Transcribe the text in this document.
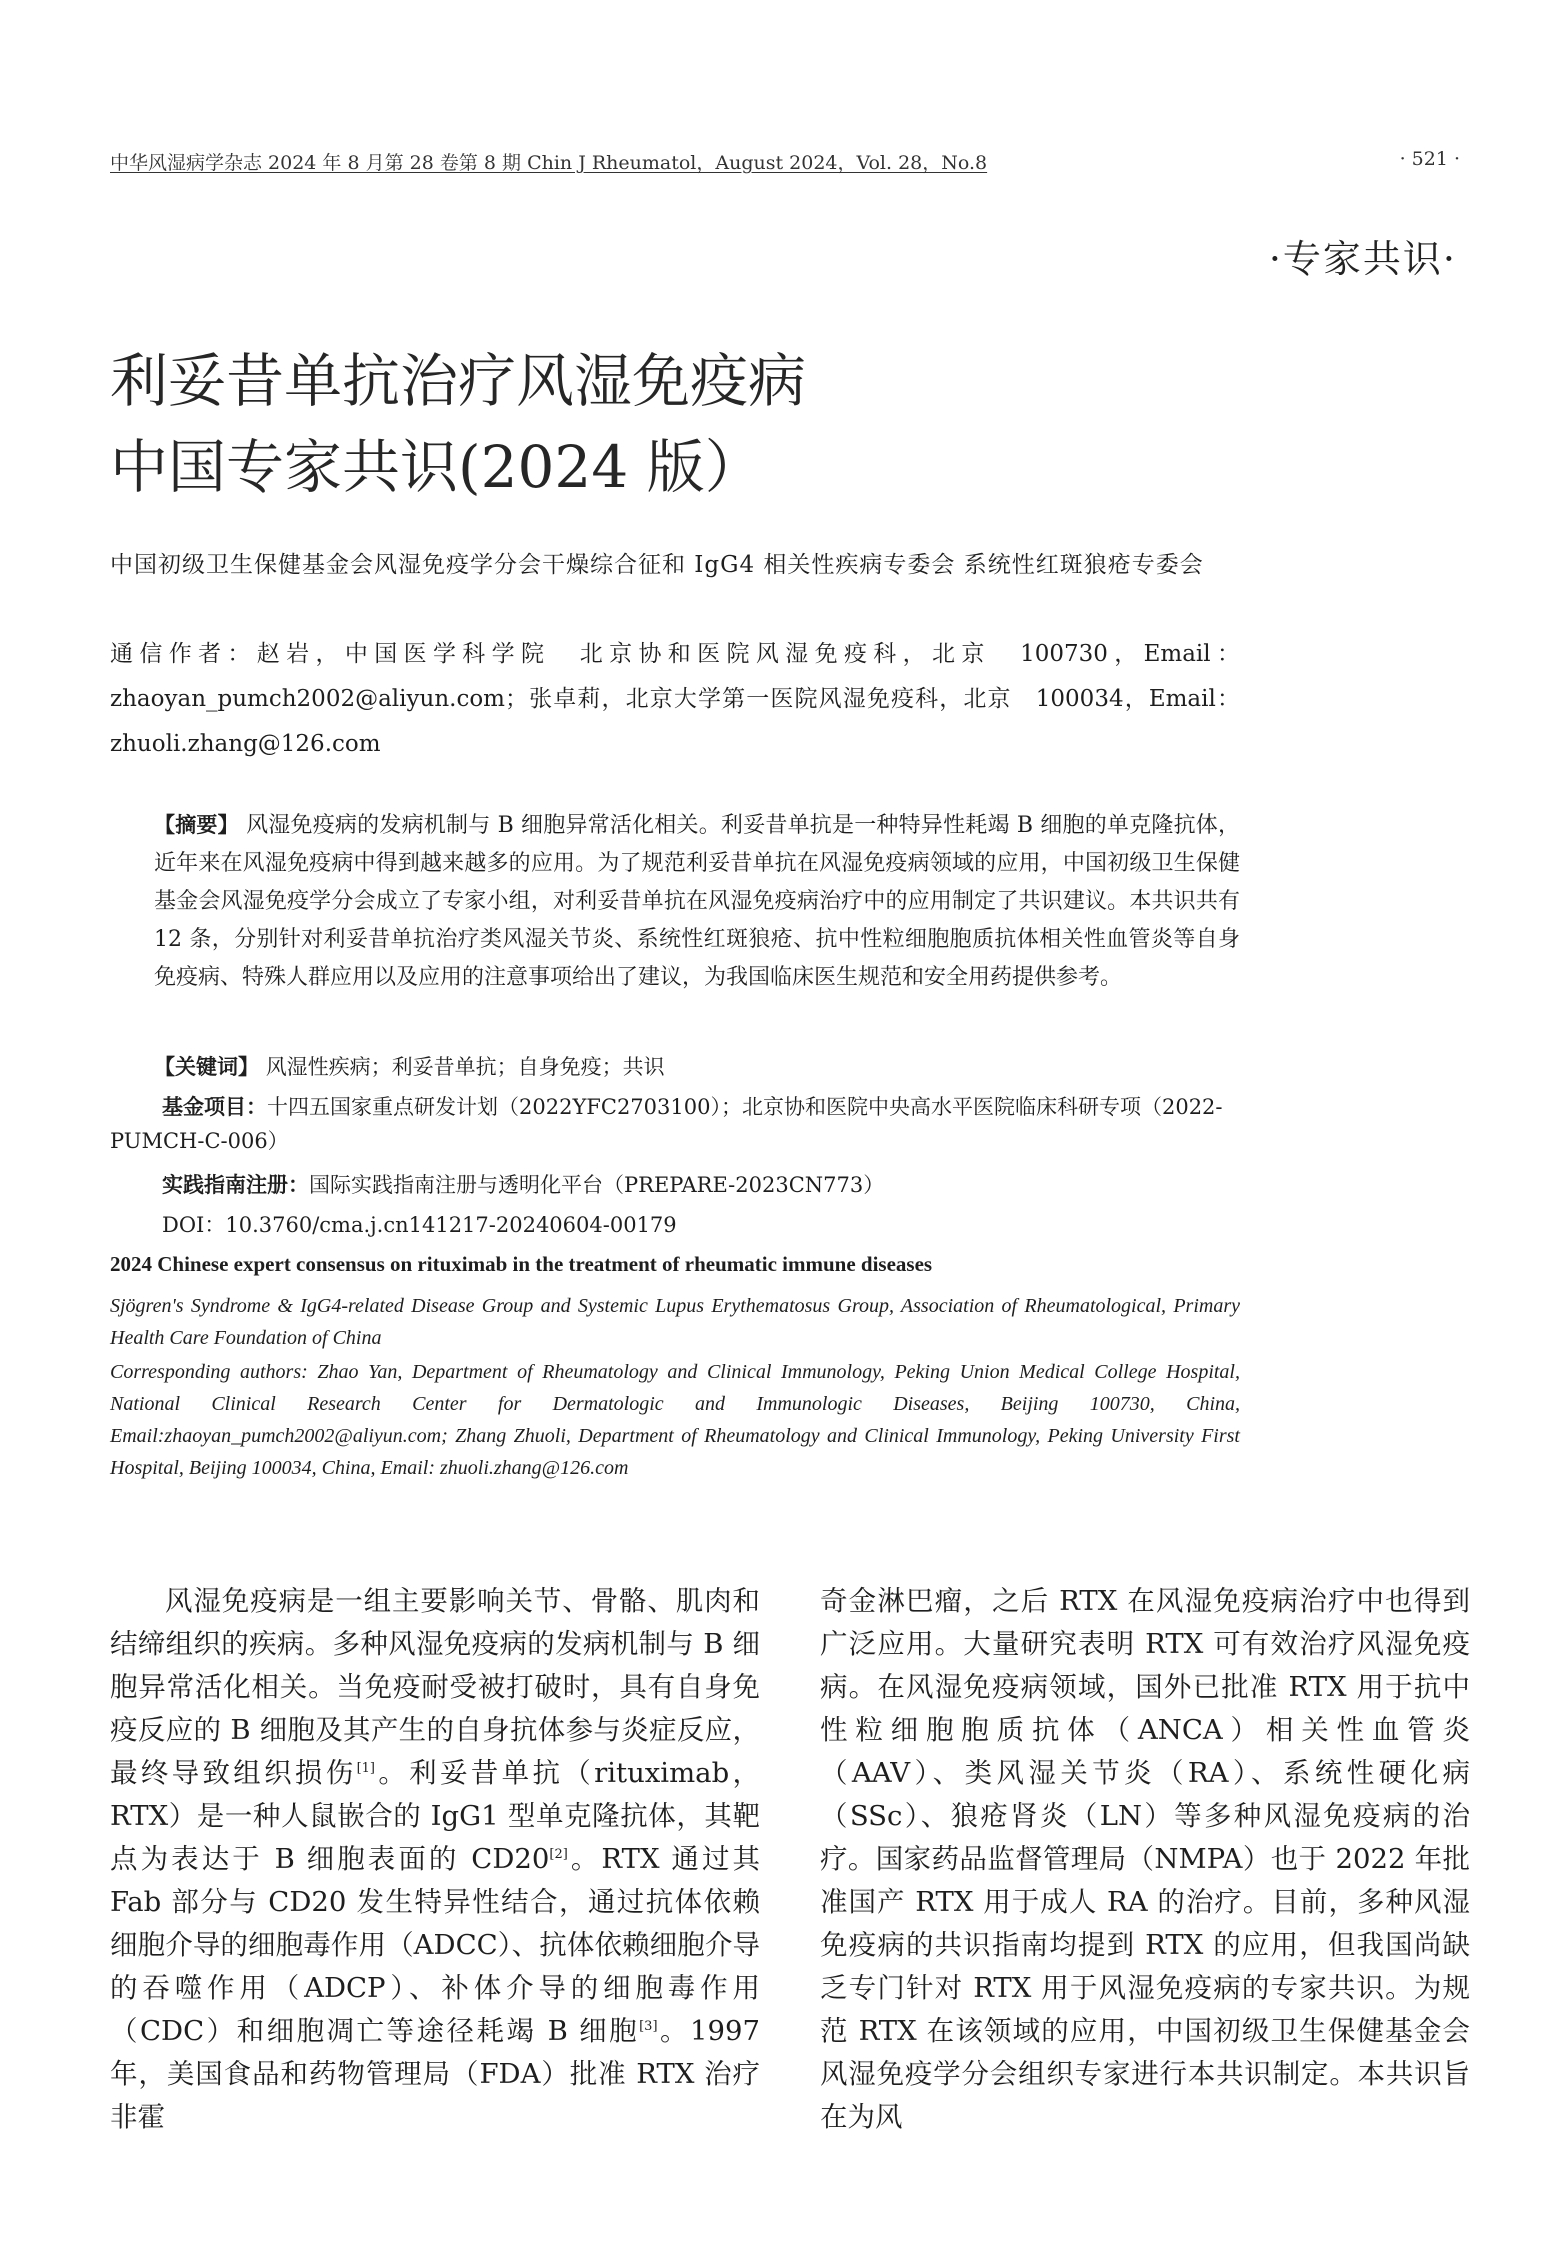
中华风湿病学杂志 2024 年 8 月第 28 卷第 8 期 Chin J Rheumatol，August 2024，Vol. 28，No.8	· 521 ·
·专家共识·
利妥昔单抗治疗风湿免疫病
中国专家共识(2024 版）
中国初级卫生保健基金会风湿免疫学分会干燥综合征和 IgG4 相关性疾病专委会 系统性红斑狼疮专委会
通信作者：赵岩，中国医学科学院　北京协和医院风湿免疫科，北京　100730，Email：zhaoyan_pumch2002@aliyun.com；张卓莉，北京大学第一医院风湿免疫科，北京　100034，Email：zhuoli.zhang@126.com
【摘要】 风湿免疫病的发病机制与 B 细胞异常活化相关。利妥昔单抗是一种特异性耗竭 B 细胞的单克隆抗体，近年来在风湿免疫病中得到越来越多的应用。为了规范利妥昔单抗在风湿免疫病领域的应用，中国初级卫生保健基金会风湿免疫学分会成立了专家小组，对利妥昔单抗在风湿免疫病治疗中的应用制定了共识建议。本共识共有 12 条，分别针对利妥昔单抗治疗类风湿关节炎、系统性红斑狼疮、抗中性粒细胞胞质抗体相关性血管炎等自身免疫病、特殊人群应用以及应用的注意事项给出了建议，为我国临床医生规范和安全用药提供参考。
【关键词】 风湿性疾病；利妥昔单抗；自身免疫；共识
基金项目：十四五国家重点研发计划（2022YFC2703100）；北京协和医院中央高水平医院临床科研专项（2022-PUMCH-C-006）
实践指南注册：国际实践指南注册与透明化平台（PREPARE-2023CN773）
DOI：10.3760/cma.j.cn141217-20240604-00179
2024 Chinese expert consensus on rituximab in the treatment of rheumatic immune diseases
Sjögren's Syndrome & IgG4-related Disease Group and Systemic Lupus Erythematosus Group, Association of Rheumatological, Primary Health Care Foundation of China
Corresponding authors: Zhao Yan, Department of Rheumatology and Clinical Immunology, Peking Union Medical College Hospital, National Clinical Research Center for Dermatologic and Immunologic Diseases, Beijing 100730, China, Email:zhaoyan_pumch2002@aliyun.com; Zhang Zhuoli, Department of Rheumatology and Clinical Immunology, Peking University First Hospital, Beijing 100034, China, Email: zhuoli.zhang@126.com

风湿免疫病是一组主要影响关节、骨骼、肌肉和结缔组织的疾病。多种风湿免疫病的发病机制与 B 细胞异常活化相关。当免疫耐受被打破时，具有自身免疫反应的 B 细胞及其产生的自身抗体参与炎症反应，最终导致组织损伤[1]。利妥昔单抗（rituximab，RTX）是一种人鼠嵌合的 IgG1 型单克隆抗体，其靶点为表达于 B 细胞表面的 CD20[2]。RTX 通过其 Fab 部分与 CD20 发生特异性结合，通过抗体依赖细胞介导的细胞毒作用（ADCC）、抗体依赖细胞介导的吞噬作用（ADCP）、补体介导的细胞毒作用（CDC）和细胞凋亡等途径耗竭 B 细胞[3]。1997 年，美国食品和药物管理局（FDA）批准 RTX 治疗非霍

奇金淋巴瘤，之后 RTX 在风湿免疫病治疗中也得到广泛应用。大量研究表明 RTX 可有效治疗风湿免疫病。在风湿免疫病领域，国外已批准 RTX 用于抗中性粒细胞胞质抗体（ANCA）相关性血管炎（AAV）、类风湿关节炎（RA）、系统性硬化病（SSc）、狼疮肾炎（LN）等多种风湿免疫病的治疗。国家药品监督管理局（NMPA）也于 2022 年批准国产 RTX 用于成人 RA 的治疗。目前，多种风湿免疫病的共识指南均提到 RTX 的应用，但我国尚缺乏专门针对 RTX 用于风湿免疫病的专家共识。为规范 RTX 在该领域的应用，中国初级卫生保健基金会风湿免疫学分会组织专家进行本共识制定。本共识旨在为风
